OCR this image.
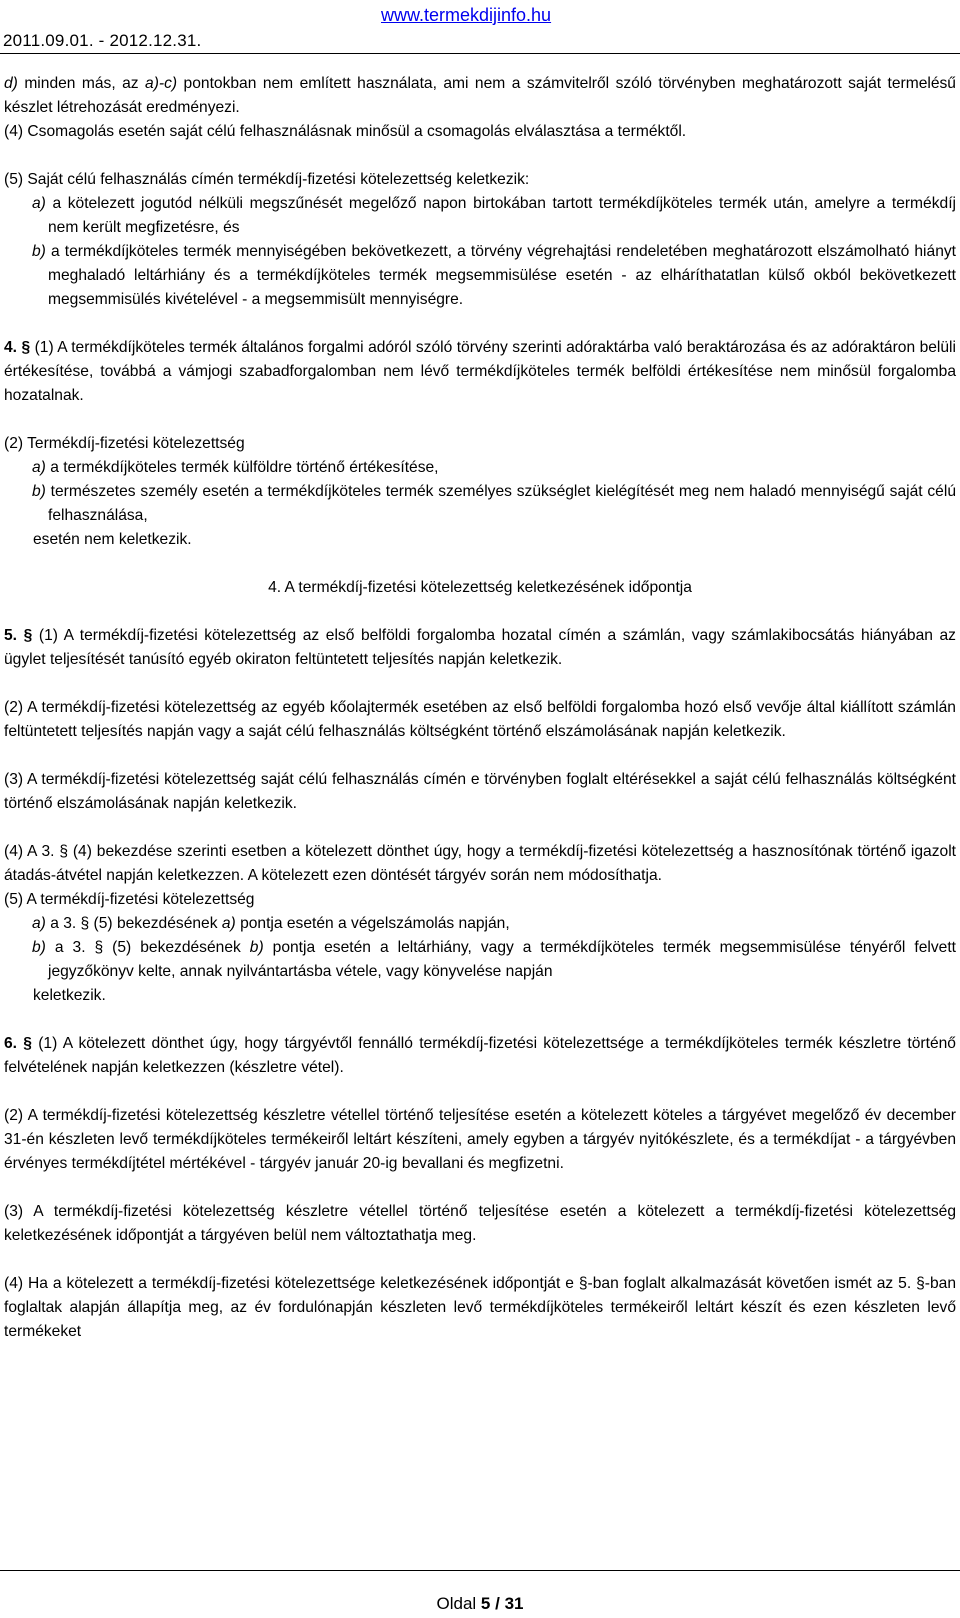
2011.09.01. - 2012.12.31.
www.termekdijinfo.hu

d) minden más, az a)-c) pontokban nem említett használata, ami nem a számvitelről szóló törvényben meghatározott saját termelésű készlet létrehozását eredményezi.

(4) Csomagolás esetén saját célú felhasználásnak minősül a csomagolás elválasztása a terméktől.

(5) Saját célú felhasználás címén termékdíj-fizetési kötelezettség keletkezik:

a) a kötelezett jogutód nélküli megszűnését megelőző napon birtokában tartott termékdíjköteles termék után, amelyre a termékdíj nem került megfizetésre, és

b) a termékdíjköteles termék mennyiségében bekövetkezett, a törvény végrehajtási rendeletében meghatározott elszámolható hiányt meghaladó leltárhiány és a termékdíjköteles termék megsemmisülése esetén - az elháríthatatlan külső okból bekövetkezett megsemmisülés kivételével - a megsemmisült mennyiségre.

4. § (1) A termékdíjköteles termék általános forgalmi adóról szóló törvény szerinti adóraktárba való beraktározása és az adóraktáron belüli értékesítése, továbbá a vámjogi szabadforgalomban nem lévő termékdíjköteles termék belföldi értékesítése nem minősül forgalomba hozatalnak.

(2) Termékdíj-fizetési kötelezettség

a) a termékdíjköteles termék külföldre történő értékesítése,

b) természetes személy esetén a termékdíjköteles termék személyes szükséglet kielégítését meg nem haladó mennyiségű saját célú felhasználása,

esetén nem keletkezik.

4. A termékdíj-fizetési kötelezettség keletkezésének időpontja

5. § (1) A termékdíj-fizetési kötelezettség az első belföldi forgalomba hozatal címén a számlán, vagy számlakibocsátás hiányában az ügylet teljesítését tanúsító egyéb okiraton feltüntetett teljesítés napján keletkezik.

(2) A termékdíj-fizetési kötelezettség az egyéb kőolajtermék esetében az első belföldi forgalomba hozó első vevője által kiállított számlán feltüntetett teljesítés napján vagy a saját célú felhasználás költségként történő elszámolásának napján keletkezik.

(3) A termékdíj-fizetési kötelezettség saját célú felhasználás címén e törvényben foglalt eltérésekkel a saját célú felhasználás költségként történő elszámolásának napján keletkezik.

(4) A 3. § (4) bekezdése szerinti esetben a kötelezett dönthet úgy, hogy a termékdíj-fizetési kötelezettség a hasznosítónak történő igazolt átadás-átvétel napján keletkezzen. A kötelezett ezen döntését tárgyév során nem módosíthatja.

(5) A termékdíj-fizetési kötelezettség

a) a 3. § (5) bekezdésének a) pontja esetén a végelszámolás napján,

b) a 3. § (5) bekezdésének b) pontja esetén a leltárhiány, vagy a termékdíjköteles termék megsemmisülése tényéről felvett jegyzőkönyv kelte, annak nyilvántartásba vétele, vagy könyvelése napján

keletkezik.

6. § (1) A kötelezett dönthet úgy, hogy tárgyévtől fennálló termékdíj-fizetési kötelezettsége a termékdíjköteles termék készletre történő felvételének napján keletkezzen (készletre vétel).

(2) A termékdíj-fizetési kötelezettség készletre vétellel történő teljesítése esetén a kötelezett köteles a tárgyévet megelőző év december 31-én készleten levő termékdíjköteles termékeiről leltárt készíteni, amely egyben a tárgyév nyitókészlete, és a termékdíjat - a tárgyévben érvényes termékdíjtétel mértékével - tárgyév január 20-ig bevallani és megfizetni.

(3) A termékdíj-fizetési kötelezettség készletre vétellel történő teljesítése esetén a kötelezett a termékdíj-fizetési kötelezettség keletkezésének időpontját a tárgyéven belül nem változtathatja meg.

(4) Ha a kötelezett a termékdíj-fizetési kötelezettsége keletkezésének időpontját e §-ban foglalt alkalmazását követően ismét az 5. §-ban foglaltak alapján állapítja meg, az év fordulónapján készleten levő termékdíjköteles termékeiről leltárt készít és ezen készleten levő termékeket

Oldal 5 / 31
